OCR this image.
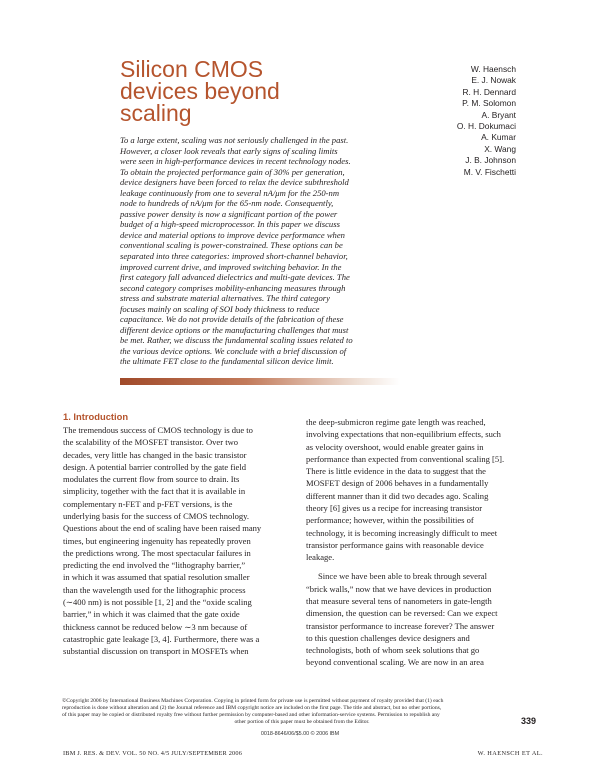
Silicon CMOS
devices beyond
scaling
W. Haensch
E. J. Nowak
R. H. Dennard
P. M. Solomon
A. Bryant
O. H. Dokumaci
A. Kumar
X. Wang
J. B. Johnson
M. V. Fischetti
To a large extent, scaling was not seriously challenged in the past.
However, a closer look reveals that early signs of scaling limits
were seen in high-performance devices in recent technology nodes.
To obtain the projected performance gain of 30% per generation,
device designers have been forced to relax the device subthreshold
leakage continuously from one to several nA/μm for the 250-nm
node to hundreds of nA/μm for the 65-nm node. Consequently,
passive power density is now a significant portion of the power
budget of a high-speed microprocessor. In this paper we discuss
device and material options to improve device performance when
conventional scaling is power-constrained. These options can be
separated into three categories: improved short-channel behavior,
improved current drive, and improved switching behavior. In the
first category fall advanced dielectrics and multi-gate devices. The
second category comprises mobility-enhancing measures through
stress and substrate material alternatives. The third category
focuses mainly on scaling of SOI body thickness to reduce
capacitance. We do not provide details of the fabrication of these
different device options or the manufacturing challenges that must
be met. Rather, we discuss the fundamental scaling issues related to
the various device options. We conclude with a brief discussion of
the ultimate FET close to the fundamental silicon device limit.
1. Introduction
The tremendous success of CMOS technology is due to
the scalability of the MOSFET transistor. Over two
decades, very little has changed in the basic transistor
design. A potential barrier controlled by the gate field
modulates the current flow from source to drain. Its
simplicity, together with the fact that it is available in
complementary n-FET and p-FET versions, is the
underlying basis for the success of CMOS technology.
Questions about the end of scaling have been raised many
times, but engineering ingenuity has repeatedly proven
the predictions wrong. The most spectacular failures in
predicting the end involved the “lithography barrier,”
in which it was assumed that spatial resolution smaller
than the wavelength used for the lithographic process
(∼400 nm) is not possible [1, 2] and the “oxide scaling
barrier,” in which it was claimed that the gate oxide
thickness cannot be reduced below ∼3 nm because of
catastrophic gate leakage [3, 4]. Furthermore, there was a
substantial discussion on transport in MOSFETs when
the deep-submicron regime gate length was reached,
involving expectations that non-equilibrium effects, such
as velocity overshoot, would enable greater gains in
performance than expected from conventional scaling [5].
There is little evidence in the data to suggest that the
MOSFET design of 2006 behaves in a fundamentally
different manner than it did two decades ago. Scaling
theory [6] gives us a recipe for increasing transistor
performance; however, within the possibilities of
technology, it is becoming increasingly difficult to meet
transistor performance gains with reasonable device
leakage.
Since we have been able to break through several
“brick walls,” now that we have devices in production
that measure several tens of nanometers in gate-length
dimension, the question can be reversed: Can we expect
transistor performance to increase forever? The answer
to this question challenges device designers and
technologists, both of whom seek solutions that go
beyond conventional scaling. We are now in an area
©Copyright 2006 by International Business Machines Corporation. Copying in printed form for private use is permitted without payment of royalty provided that (1) each
reproduction is done without alteration and (2) the Journal reference and IBM copyright notice are included on the first page. The title and abstract, but no other portions,
of this paper may be copied or distributed royalty free without further permission by computer-based and other information-service systems. Permission to republish any
other portion of this paper must be obtained from the Editor.	339
0018-8646/06/$5.00 © 2006 IBM
IBM J. RES. & DEV. VOL. 50 NO. 4/5 JULY/SEPTEMBER 2006	W. HAENSCH ET AL.
